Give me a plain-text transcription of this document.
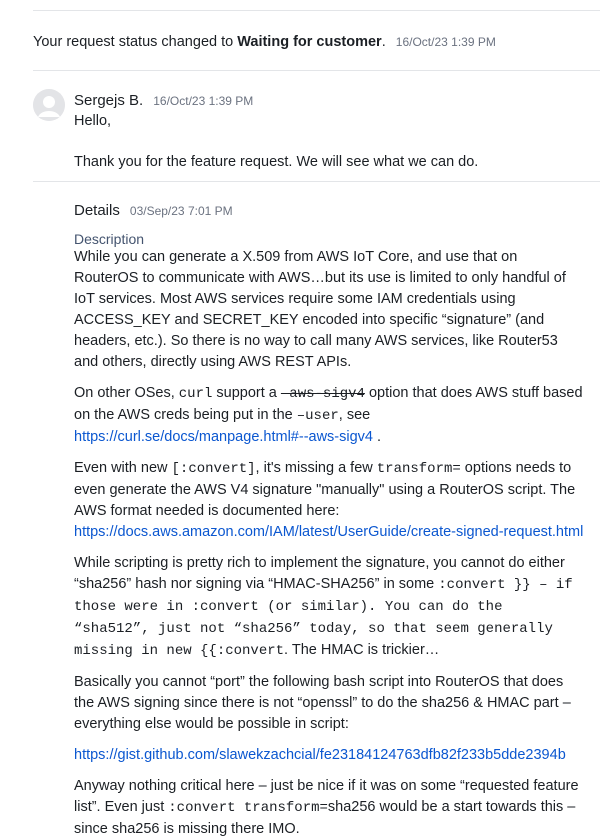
Your request status changed to Waiting for customer. 16/Oct/23 1:39 PM
Sergejs B. 16/Oct/23 1:39 PM
Hello,
Thank you for the feature request. We will see what we can do.
Details 03/Sep/23 7:01 PM
Description

While you can generate a X.509 from AWS IoT Core, and use that on RouterOS to communicate with AWS…but its use is limited to only handful of IoT services. Most AWS services require some IAM credentials using ACCESS_KEY and SECRET_KEY encoded into specific “signature” (and headers, etc.). So there is no way to call many AWS services, like Router53 and others, directly using AWS REST APIs.

On other OSes, curl support a –aws-sigv4 option that does AWS stuff based on the AWS creds being put in the –user, see https://curl.se/docs/manpage.html#--aws-sigv4 .

Even with new [:convert], it's missing a few transform= options needs to even generate the AWS V4 signature "manually" using a RouterOS script. The AWS format needed is documented here:
https://docs.aws.amazon.com/IAM/latest/UserGuide/create-signed-request.html

While scripting is pretty rich to implement the signature, you cannot do either “sha256” hash nor signing via “HMAC-SHA256” in some :convert }} – if those were in :convert (or similar). You can do the “sha512”, just not “sha256” today, so that seem generally missing in new {{:convert. The HMAC is trickier…

Basically you cannot “port” the following bash script into RouterOS that does the AWS signing since there is not “openssl” to do the sha256 & HMAC part – everything else would be possible in script:

https://gist.github.com/slawekzachcial/fe23184124763dfb82f233b5dde2394b

Anyway nothing critical here – just be nice if it was on some “requested feature list”. Even just :convert transform=sha256 would be a start towards this – since sha256 is missing there IMO.
